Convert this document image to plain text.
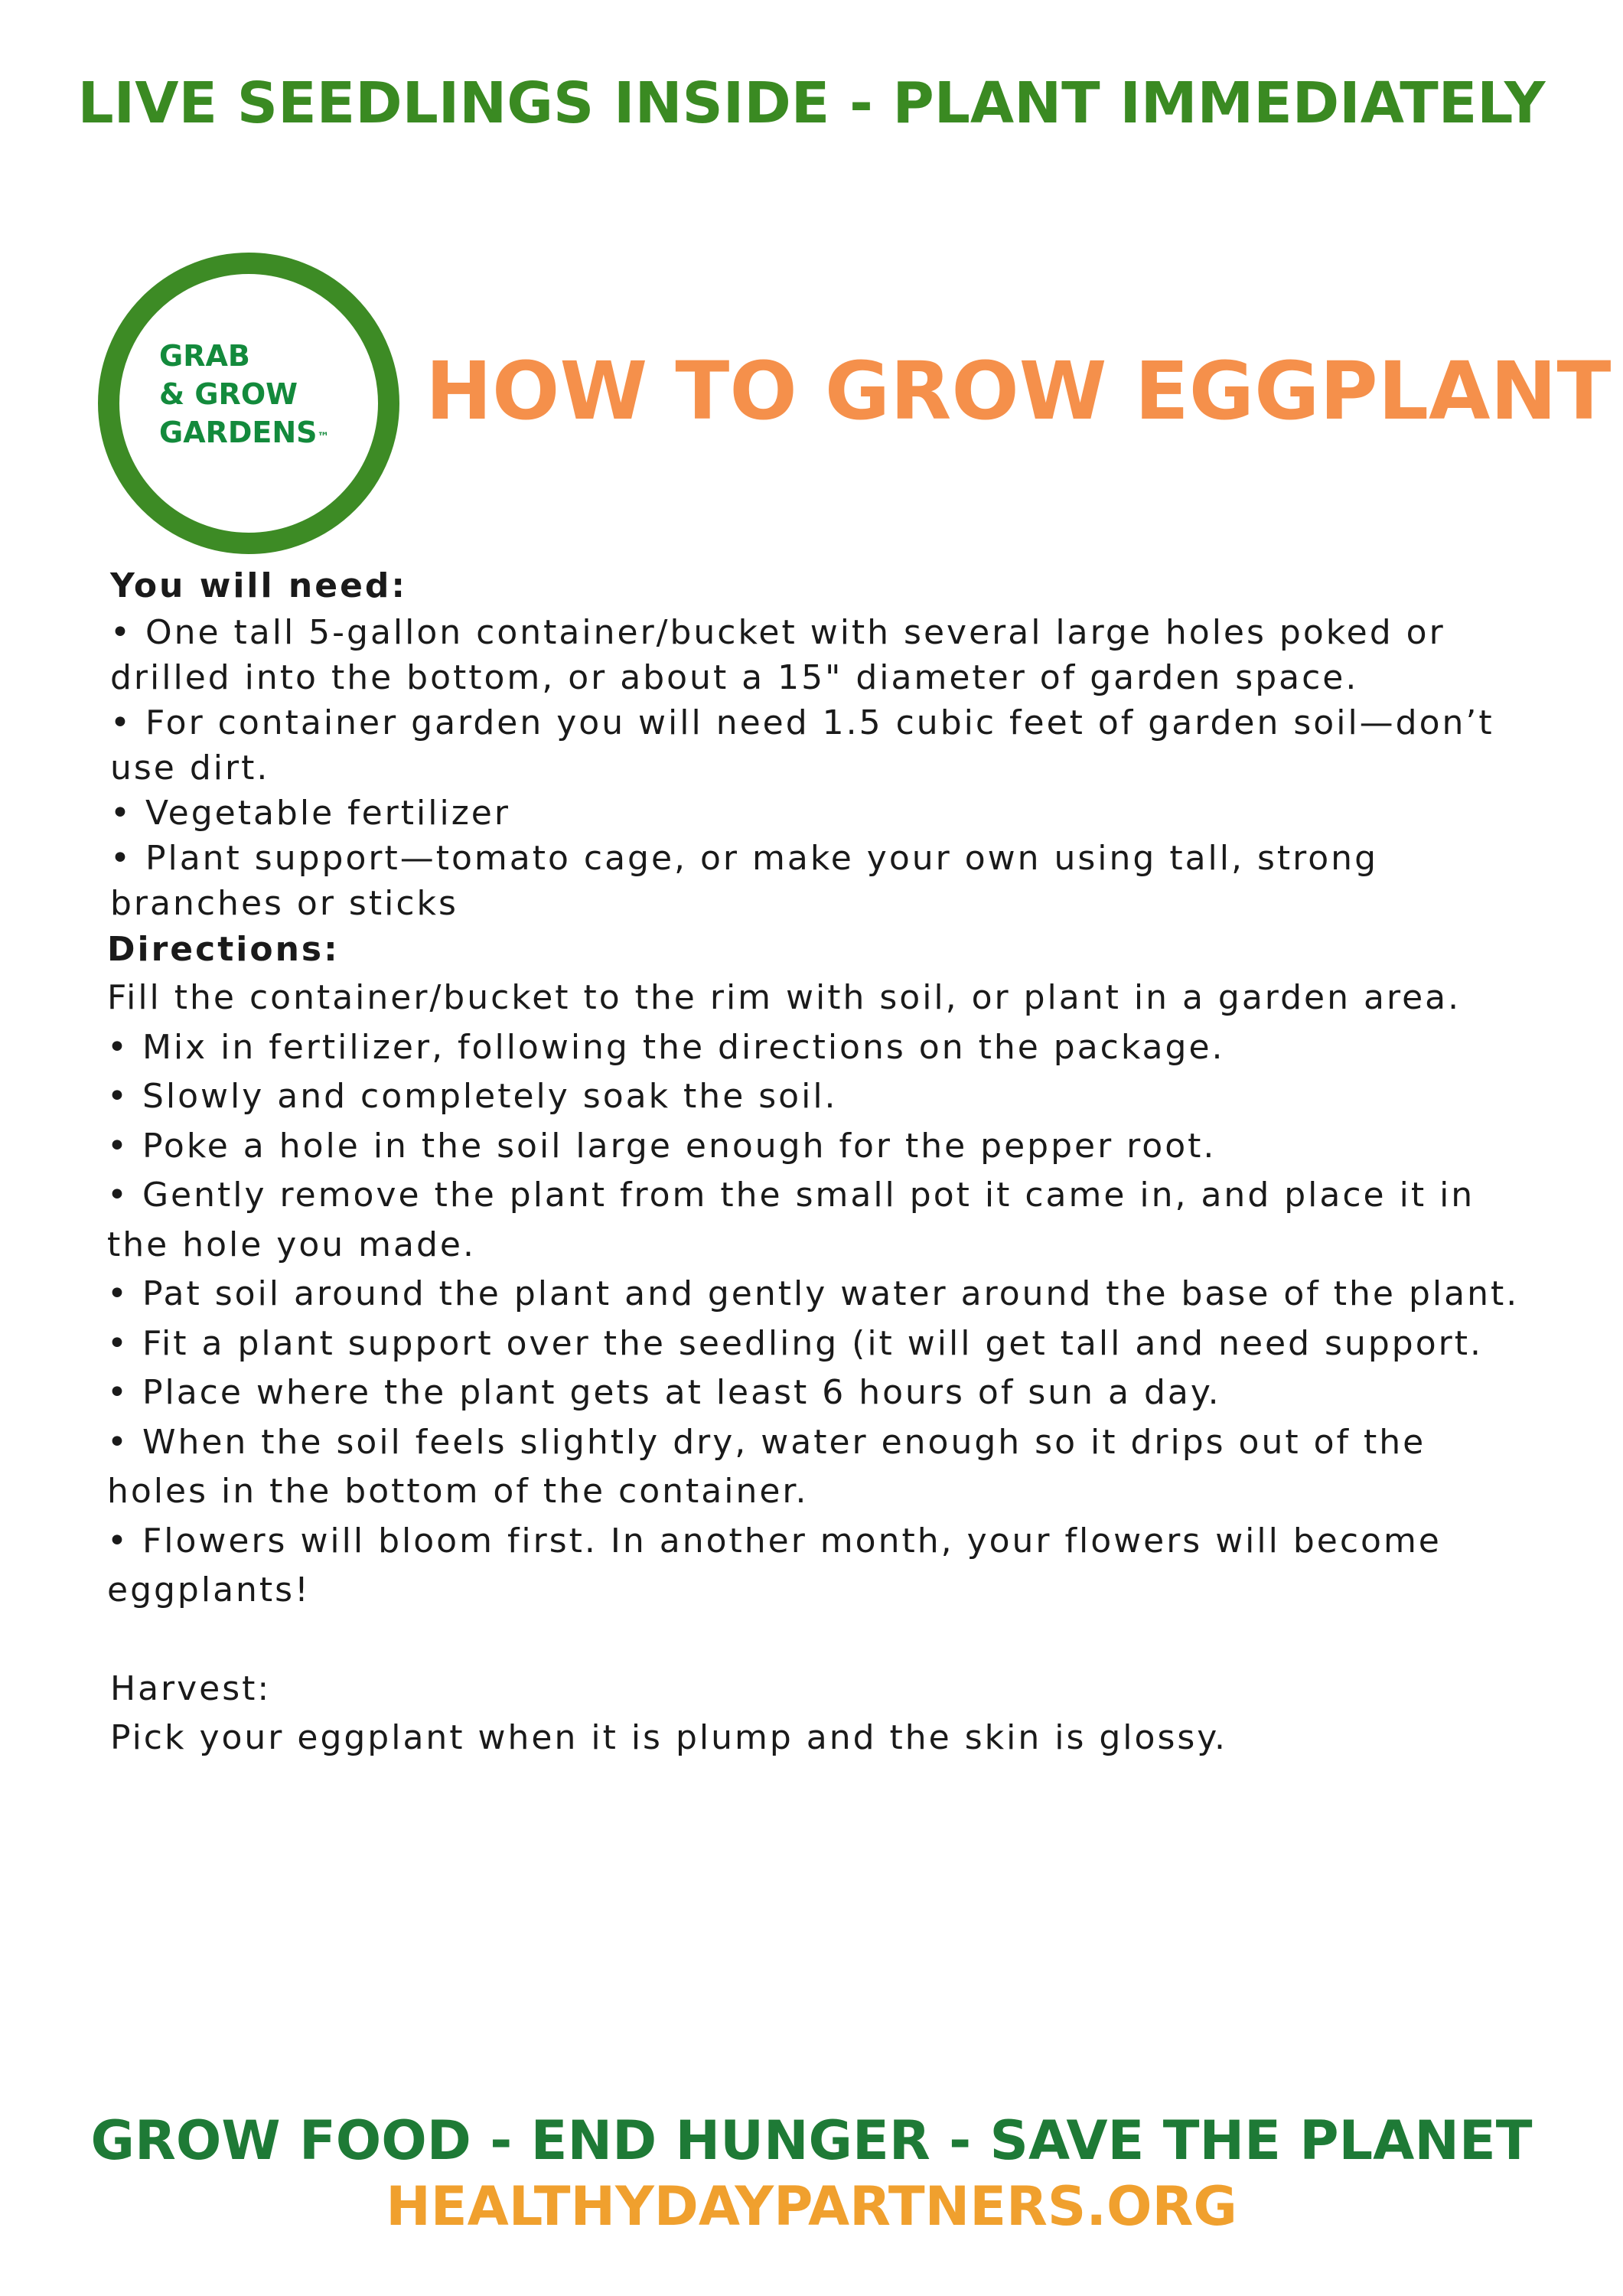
LIVE SEEDLINGS INSIDE - PLANT IMMEDIATELY
GRAB
& GROW
GARDENS™ HOW TO GROW EGGPLANT
You will need:

• One tall 5-gallon container/bucket with several large holes poked or drilled into the bottom, or about a 15" diameter of garden space.

• For container garden you will need 1.5 cubic feet of garden soil—don’t use dirt.

• Vegetable fertilizer

• Plant support—tomato cage, or make your own using tall, strong branches or sticks

Directions:

Fill the container/bucket to the rim with soil, or plant in a garden area.

• Mix in fertilizer, following the directions on the package.

• Slowly and completely soak the soil.

• Poke a hole in the soil large enough for the pepper root.

• Gently remove the plant from the small pot it came in, and place it in the hole you made.

• Pat soil around the plant and gently water around the base of the plant.

• Fit a plant support over the seedling (it will get tall and need support.

• Place where the plant gets at least 6 hours of sun a day.

• When the soil feels slightly dry, water enough so it drips out of the holes in the bottom of the container.

• Flowers will bloom first. In another month, your flowers will become eggplants!

Harvest:
Pick your eggplant when it is plump and the skin is glossy.
GROW FOOD - END HUNGER - SAVE THE PLANET
HEALTHYDAYPARTNERS.ORG
